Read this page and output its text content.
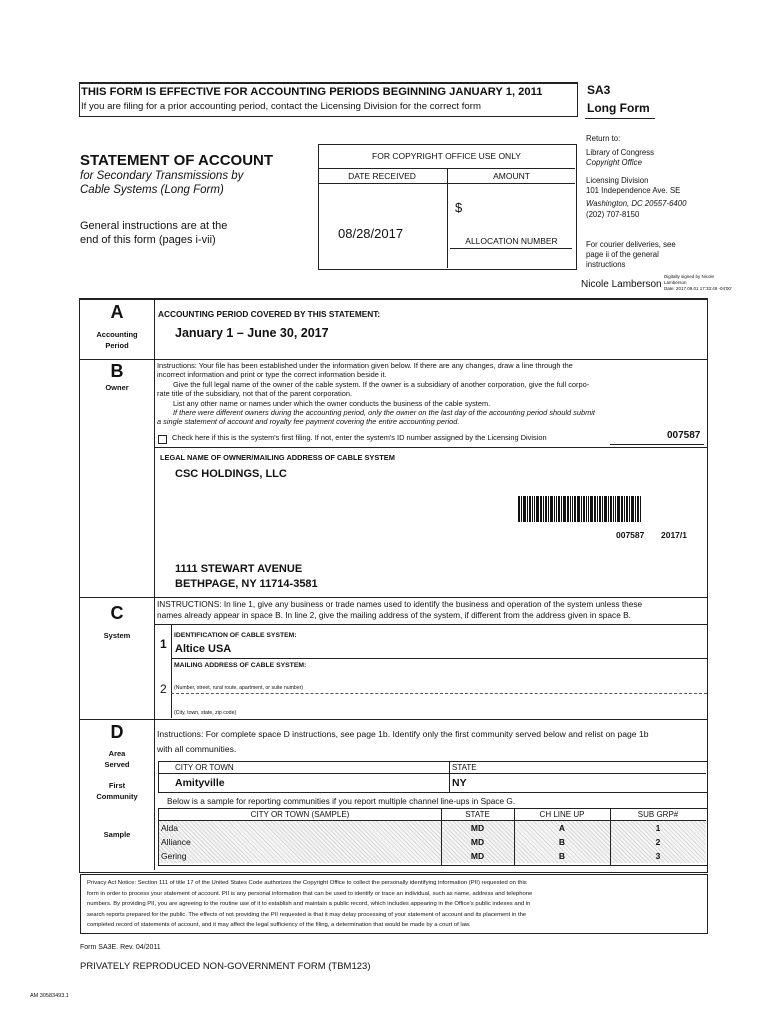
THIS FORM IS EFFECTIVE FOR ACCOUNTING PERIODS BEGINNING JANUARY 1, 2011
If you are filing for a prior accounting period, contact the Licensing Division for the correct form
SA3
Long Form
STATEMENT OF ACCOUNT
for Secondary Transmissions by
Cable Systems (Long Form)
General instructions are at the
end of this form (pages i-vii)
FOR COPYRIGHT OFFICE USE ONLY
DATE RECEIVED	AMOUNT
$
08/28/2017	ALLOCATION NUMBER
Return to:
Library of Congress
Copyright Office
Licensing Division
101 Independence Ave. SE
Washington, DC 20557-6400
(202) 707-8150
For courier deliveries, see
page ii of the general
instructions
Nicole Lamberson
Digitally signed by Nicole
Lamberson
Date: 2017.09.01 17:33:49 -04'00'
A
Accounting
Period
ACCOUNTING PERIOD COVERED BY THIS STATEMENT:
January 1 – June 30, 2017
B
Owner
Instructions: Your file has been established under the information given below. If there are any changes, draw a line through the
incorrect information and print or type the correct information beside it.
Give the full legal name of the owner of the cable system. If the owner is a subsidiary of another corporation, give the full corpo-
rate title of the subsidiary, not that of the parent corporation.
List any other name or names under which the owner conducts the business of the cable system.
If there were different owners during the accounting period, only the owner on the last day of the accounting period should submit
a single statement of account and royalty fee payment covering the entire accounting period.
Check here if this is the system's first filing. If not, enter the system's ID number assigned by the Licensing Division	007587
LEGAL NAME OF OWNER/MAILING ADDRESS OF CABLE SYSTEM
CSC HOLDINGS, LLC
007587 2017/1
1111 STEWART AVENUE
BETHPAGE, NY 11714-3581
C
System
INSTRUCTIONS: In line 1, give any business or trade names used to identify the business and operation of the system unless these
names already appear in space B. In line 2, give the mailing address of the system, if different from the address given in space B.
1
IDENTIFICATION OF CABLE SYSTEM:
Altice USA
MAILING ADDRESS OF CABLE SYSTEM:
2 (Number, street, rural route, apartment, or suite number)
(City, town, state, zip code)
D
Area
Served
First
Community
Sample
Instructions: For complete space D instructions, see page 1b. Identify only the first community served below and relist on page 1b
with all communities.
CITY OR TOWN	STATE
Amityville	NY
Below is a sample for reporting communities if you report multiple channel line-ups in Space G.
CITY OR TOWN (SAMPLE)	STATE	CH LINE UP	SUB GRP#
Alda	MD	A	1
Alliance	MD	B	2
Gering	MD	B	3
Privacy Act Notice: Section 111 of title 17 of the United States Code authorizes the Copyright Office to collect the personally identifying information (PII) requested on this
form in order to process your statement of account. PII is any personal information that can be used to identify or trace an individual, such as name, address and telephone
numbers. By providing PII, you are agreeing to the routine use of it to establish and maintain a public record, which includes appearing in the Office's public indexes and in
search reports prepared for the public. The effects of not providing the PII requested is that it may delay processing of your statement of account and its placement in the
completed record of statements of account, and it may affect the legal sufficiency of the filing, a determination that would be made by a court of law.
Form SA3E. Rev. 04/2011
PRIVATELY REPRODUCED NON-GOVERNMENT FORM (TBM123)
AM 30583493.1
